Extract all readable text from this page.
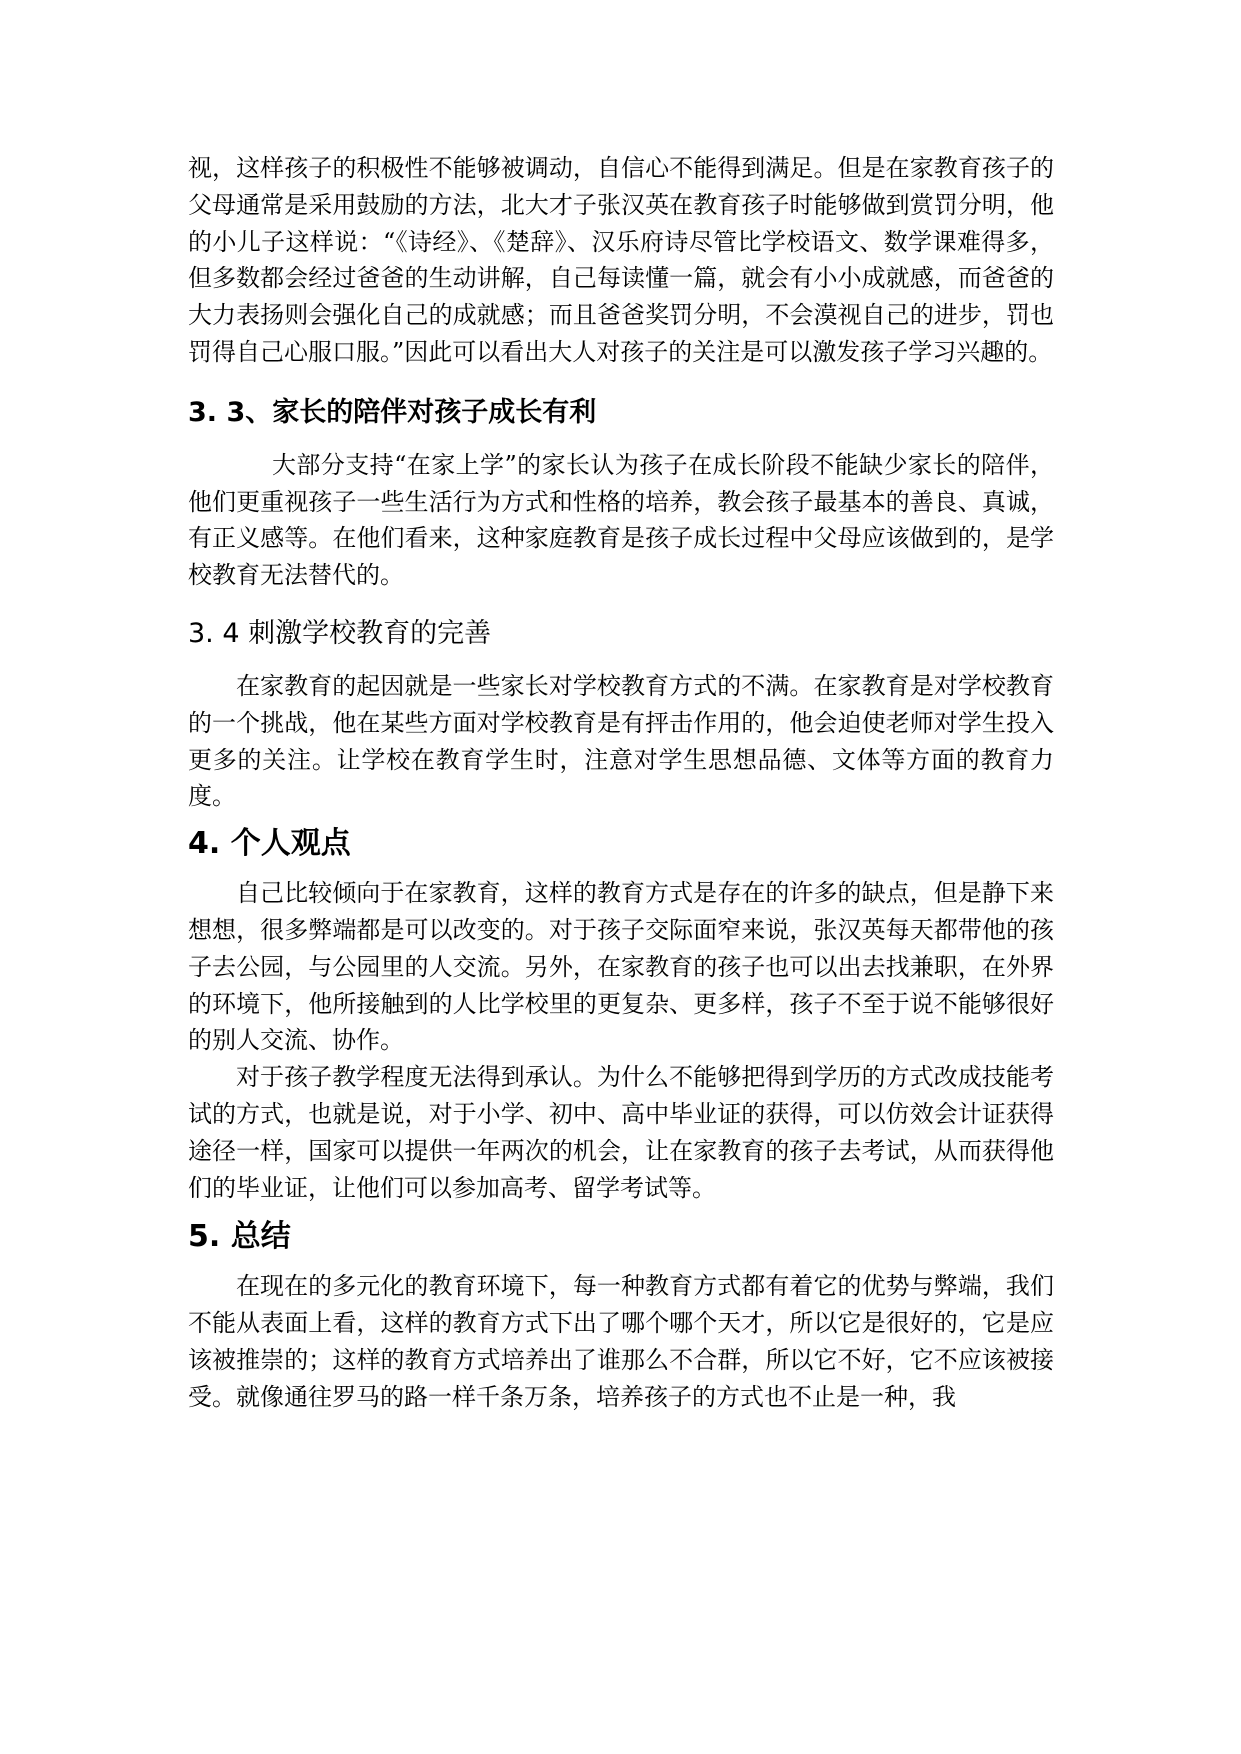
视，这样孩子的积极性不能够被调动，自信心不能得到满足。但是在家教育孩子的父母通常是采用鼓励的方法，北大才子张汉英在教育孩子时能够做到赏罚分明，他的小儿子这样说：“《诗经》、《楚辞》、汉乐府诗尽管比学校语文、数学课难得多，但多数都会经过爸爸的生动讲解，自己每读懂一篇，就会有小小成就感，而爸爸的大力表扬则会强化自己的成就感；而且爸爸奖罚分明，不会漠视自己的进步，罚也罚得自己心服口服。”因此可以看出大人对孩子的关注是可以激发孩子学习兴趣的。

3. 3、家长的陪伴对孩子成长有利

大部分支持“在家上学”的家长认为孩子在成长阶段不能缺少家长的陪伴，他们更重视孩子一些生活行为方式和性格的培养，教会孩子最基本的善良、真诚，有正义感等。在他们看来，这种家庭教育是孩子成长过程中父母应该做到的，是学校教育无法替代的。

3. 4 刺激学校教育的完善

在家教育的起因就是一些家长对学校教育方式的不满。在家教育是对学校教育的一个挑战，他在某些方面对学校教育是有抨击作用的，他会迫使老师对学生投入更多的关注。让学校在教育学生时，注意对学生思想品德、文体等方面的教育力度。

4. 个人观点

自己比较倾向于在家教育，这样的教育方式是存在的许多的缺点，但是静下来想想，很多弊端都是可以改变的。对于孩子交际面窄来说，张汉英每天都带他的孩子去公园，与公园里的人交流。另外，在家教育的孩子也可以出去找兼职，在外界的环境下，他所接触到的人比学校里的更复杂、更多样，孩子不至于说不能够很好的别人交流、协作。

对于孩子教学程度无法得到承认。为什么不能够把得到学历的方式改成技能考试的方式，也就是说，对于小学、初中、高中毕业证的获得，可以仿效会计证获得途径一样，国家可以提供一年两次的机会，让在家教育的孩子去考试，从而获得他们的毕业证，让他们可以参加高考、留学考试等。

5. 总结

在现在的多元化的教育环境下，每一种教育方式都有着它的优势与弊端，我们不能从表面上看，这样的教育方式下出了哪个哪个天才，所以它是很好的，它是应该被推崇的；这样的教育方式培养出了谁那么不合群，所以它不好，它不应该被接受。就像通往罗马的路一样千条万条，培养孩子的方式也不止是一种，我
